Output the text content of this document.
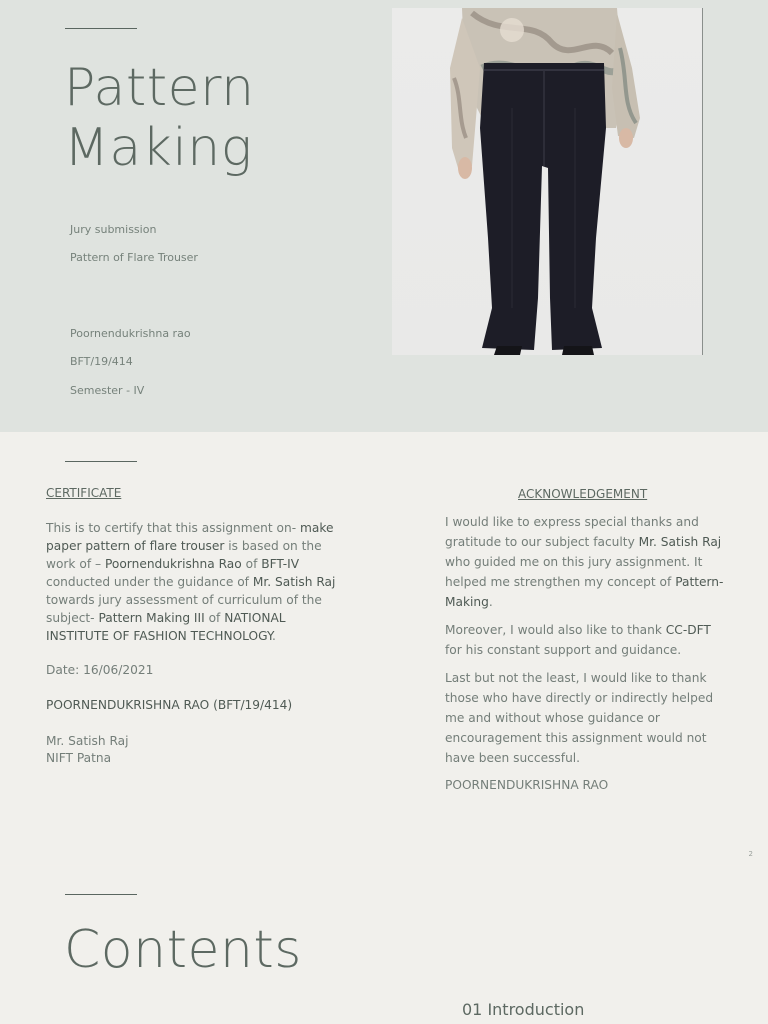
Pattern
Making
Jury submission
Pattern of Flare Trouser
Poornendukrishna rao
BFT/19/414
Semester - IV
CERTIFICATE

This is to certify that this assignment on- make paper pattern of flare trouser is based on the work of – Poornendukrishna Rao of BFT-IV conducted under the guidance of Mr. Satish Raj towards jury assessment of curriculum of the subject- Pattern Making III of NATIONAL INSTITUTE OF FASHION TECHNOLOGY.

Date: 16/06/2021
POORNENDUKRISHNA RAO (BFT/19/414)
Mr. Satish Raj
NIFT Patna
ACKNOWLEDGEMENT

I would like to express special thanks and gratitude to our subject faculty Mr. Satish Raj who guided me on this jury assignment. It helped me strengthen my concept of Pattern-Making.

Moreover, I would also like to thank CC-DFT for his constant support and guidance.

Last but not the least, I would like to thank those who have directly or indirectly helped me and without whose guidance or encouragement this assignment would not have been successful.

POORNENDUKRISHNA RAO
2
Contents
01 Introduction
